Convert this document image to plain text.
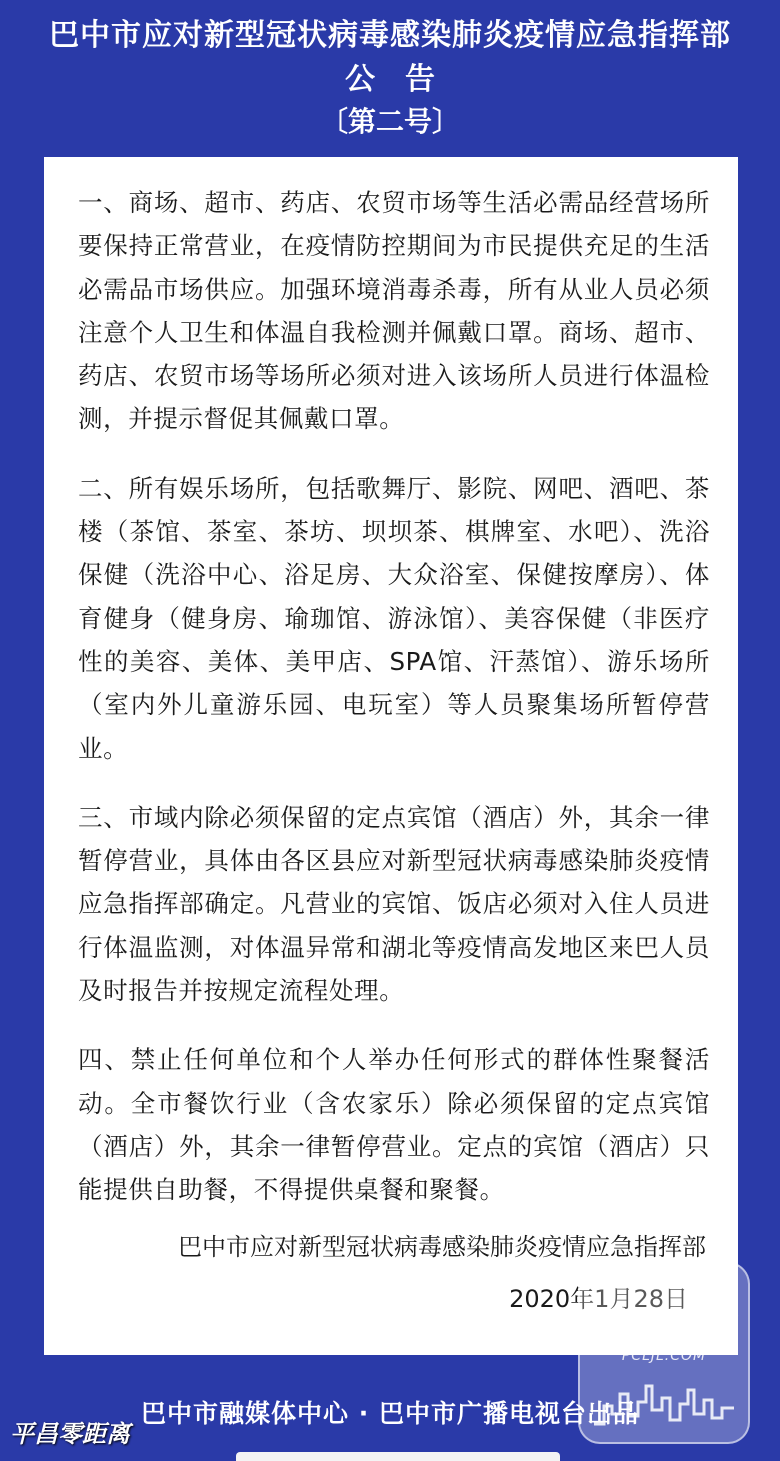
巴中市应对新型冠状病毒感染肺炎疫情应急指挥部
公告
〔第二号〕

一、商场、超市、药店、农贸市场等生活必需品经营场所要保持正常营业，在疫情防控期间为市民提供充足的生活必需品市场供应。加强环境消毒杀毒，所有从业人员必须注意个人卫生和体温自我检测并佩戴口罩。商场、超市、药店、农贸市场等场所必须对进入该场所人员进行体温检测，并提示督促其佩戴口罩。

二、所有娱乐场所，包括歌舞厅、影院、网吧、酒吧、茶楼（茶馆、茶室、茶坊、坝坝茶、棋牌室、水吧）、洗浴保健（洗浴中心、浴足房、大众浴室、保健按摩房）、体育健身（健身房、瑜珈馆、游泳馆）、美容保健（非医疗性的美容、美体、美甲店、SPA馆、汗蒸馆）、游乐场所（室内外儿童游乐园、电玩室）等人员聚集场所暂停营业。

三、市域内除必须保留的定点宾馆（酒店）外，其余一律暂停营业，具体由各区县应对新型冠状病毒感染肺炎疫情应急指挥部确定。凡营业的宾馆、饭店必须对入住人员进行体温监测，对体温异常和湖北等疫情高发地区来巴人员及时报告并按规定流程处理。

四、禁止任何单位和个人举办任何形式的群体性聚餐活动。全市餐饮行业（含农家乐）除必须保留的定点宾馆（酒店）外，其余一律暂停营业。定点的宾馆（酒店）只能提供自助餐，不得提供桌餐和聚餐。

巴中市应对新型冠状病毒感染肺炎疫情应急指挥部
2020年1月28日
平昌零距离
PCLJL.COM
巴中市融媒体中心 · 巴中市广播电视台出品
平昌零距离
